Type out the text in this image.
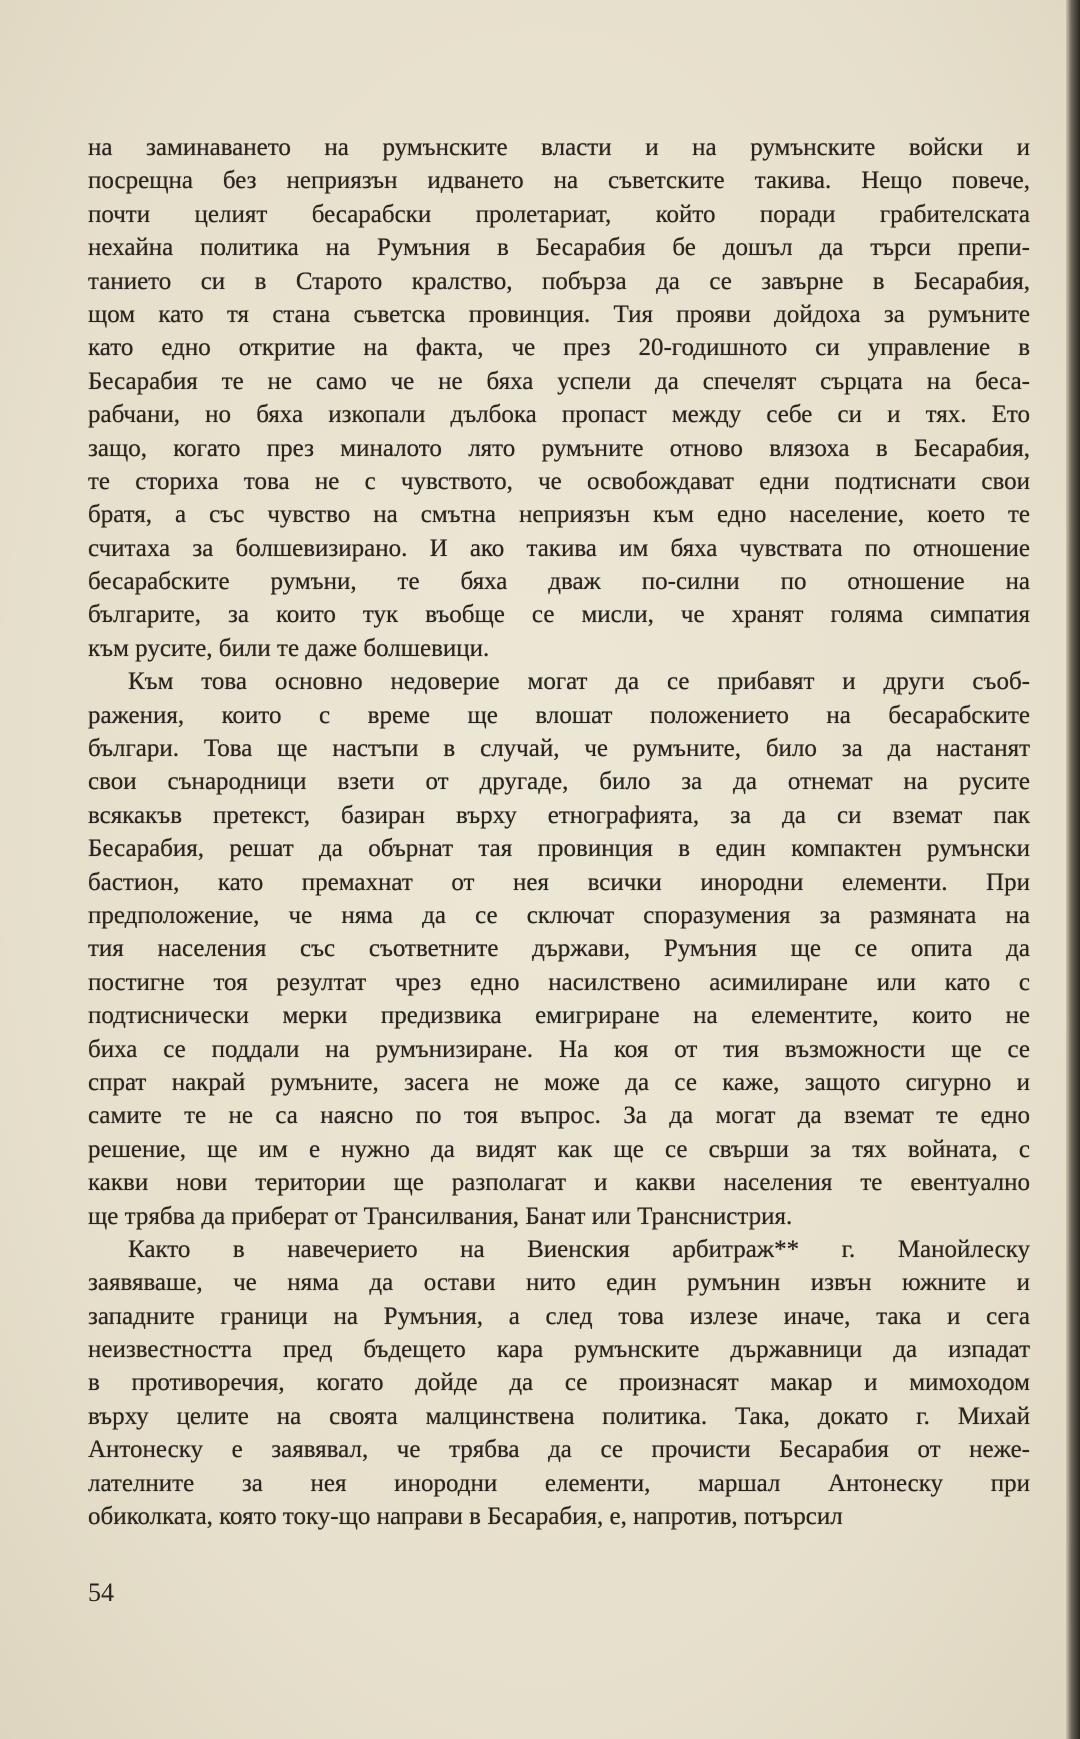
на заминаването на румънските власти и на румънските войски и
посрещна без неприязън идването на съветските такива. Нещо повече,
почти целият бесарабски пролетариат, който поради грабителската
нехайна политика на Румъния в Бесарабия бе дошъл да търси препи-
танието си в Старото кралство, побърза да се завърне в Бесарабия,
щом като тя стана съветска провинция. Тия прояви дойдоха за румъните
като едно откритие на факта, че през 20-годишното си управление в
Бесарабия те не само че не бяха успели да спечелят сърцата на беса-
рабчани, но бяха изкопали дълбока пропаст между себе си и тях. Ето
защо, когато през миналото лято румъните отново влязоха в Бесарабия,
те сториха това не с чувството, че освобождават едни подтиснати свои
братя, а със чувство на смътна неприязън към едно население, което те
считаха за болшевизирано. И ако такива им бяха чувствата по отношение
бесарабските румъни, те бяха дваж по-силни по отношение на
българите, за които тук въобще се мисли, че хранят голяма симпатия
към русите, били те даже болшевици.
Към това основно недоверие могат да се прибавят и други съоб-
ражения, които с време ще влошат положението на бесарабските
българи. Това ще настъпи в случай, че румъните, било за да настанят
свои сънародници взети от другаде, било за да отнемат на русите
всякакъв претекст, базиран върху етнографията, за да си вземат пак
Бесарабия, решат да обърнат тая провинция в един компактен румънски
бастион, като премахнат от нея всички инородни елементи. При
предположение, че няма да се сключат споразумения за размяната на
тия населения със съответните държави, Румъния ще се опита да
постигне тоя резултат чрез едно насилствено асимилиране или като с
подтиснически мерки предизвика емигриране на елементите, които не
биха се поддали на румънизиране. На коя от тия възможности ще се
спрат накрай румъните, засега не може да се каже, защото сигурно и
самите те не са наясно по тоя въпрос. За да могат да вземат те едно
решение, ще им е нужно да видят как ще се свърши за тях войната, с
какви нови територии ще разполагат и какви населения те евентуално
ще трябва да приберат от Трансилвания, Банат или Транснистрия.
Както в навечерието на Виенския арбитраж** г. Манойлеску
заявяваше, че няма да остави нито един румънин извън южните и
западните граници на Румъния, а след това излезе иначе, така и сега
неизвестността пред бъдещето кара румънските държавници да изпадат
в противоречия, когато дойде да се произнасят макар и мимоходом
върху целите на своята малцинствена политика. Така, докато г. Михай
Антонеску е заявявал, че трябва да се прочисти Бесарабия от неже-
лателните за нея инородни елементи, маршал Антонеску при
обиколката, която току-що направи в Бесарабия, е, напротив, потърсил
54
